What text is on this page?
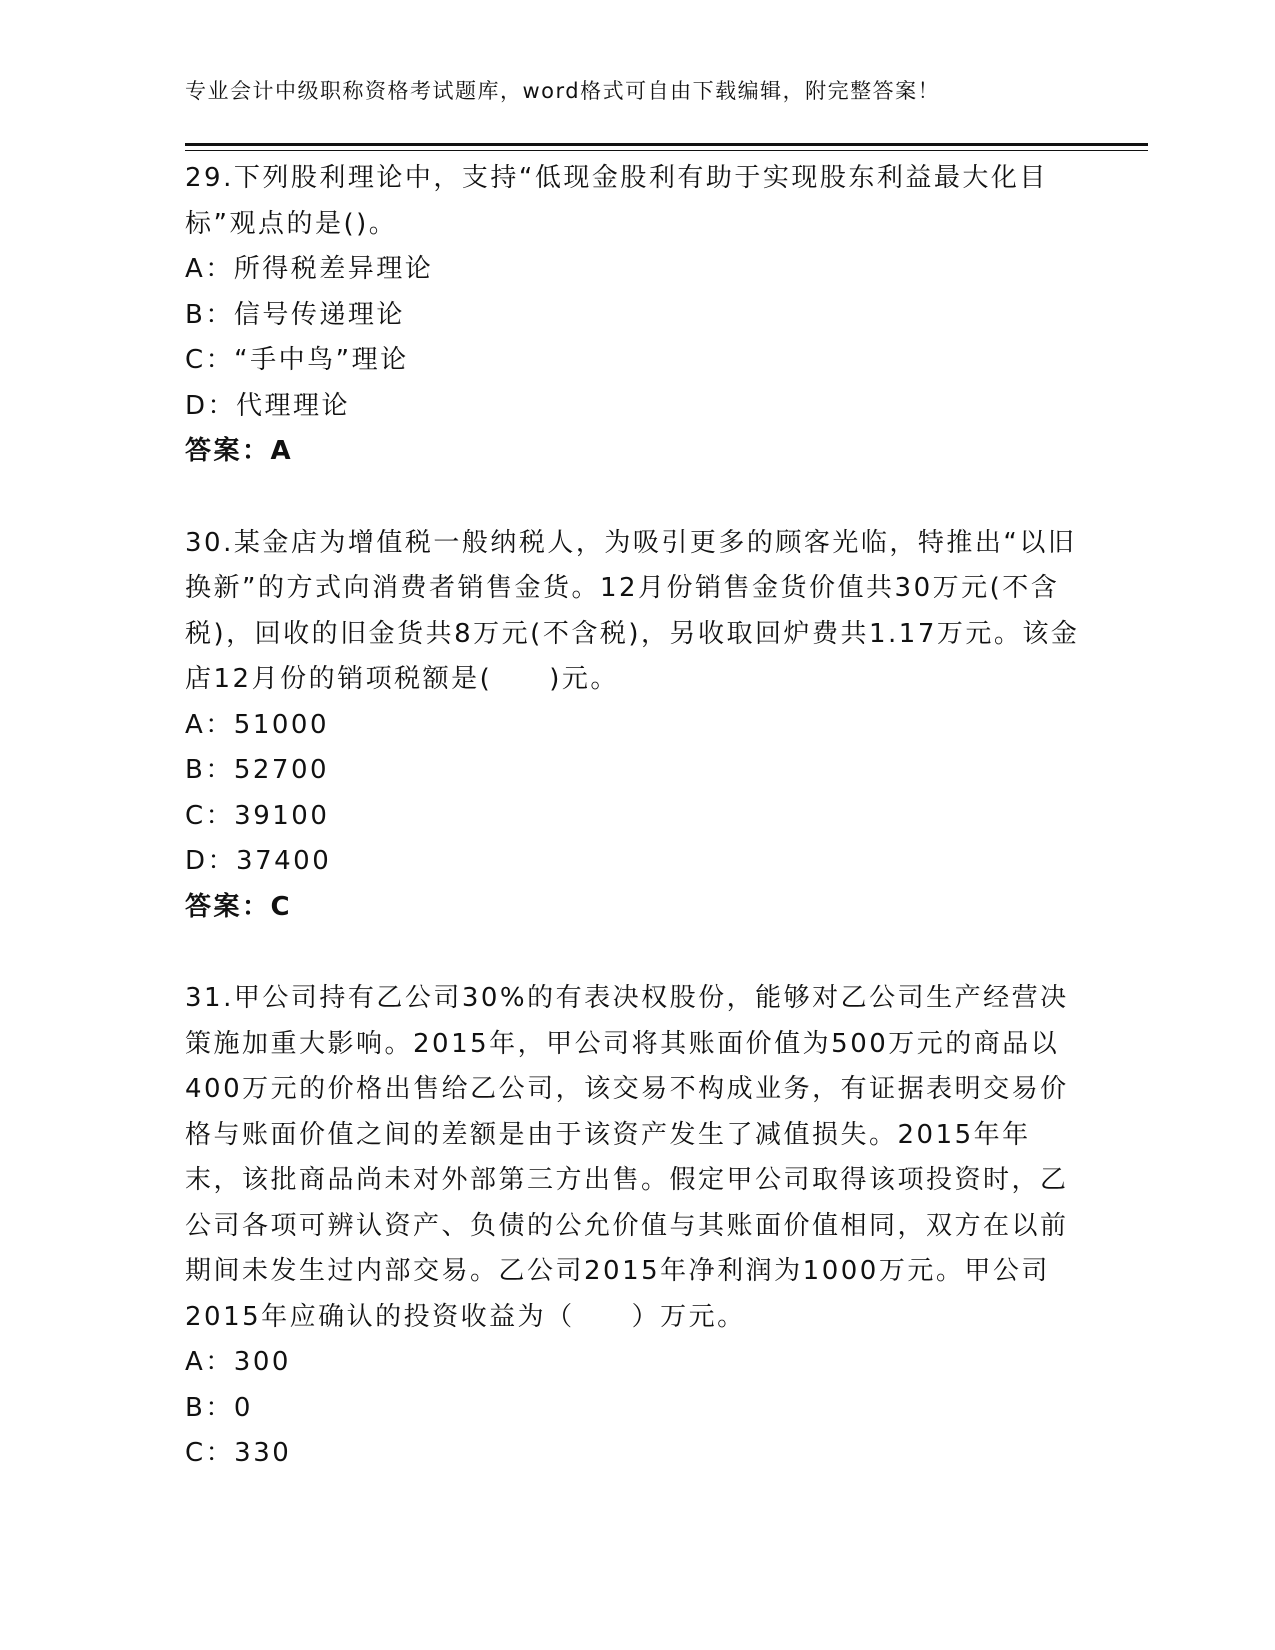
专业会计中级职称资格考试题库，word格式可自由下载编辑，附完整答案！

29.下列股利理论中，支持“低现金股利有助于实现股东利益最大化目标”观点的是()。

A：所得税差异理论

B：信号传递理论

C：“手中鸟”理论

D：代理理论

答案：A

30.某金店为增值税一般纳税人，为吸引更多的顾客光临，特推出“以旧换新”的方式向消费者销售金货。12月份销售金货价值共30万元(不含税)，回收的旧金货共8万元(不含税)，另收取回炉费共1.17万元。该金店12月份的销项税额是(　　)元。

A：51000

B：52700

C：39100

D：37400

答案：C

31.甲公司持有乙公司30%的有表决权股份，能够对乙公司生产经营决策施加重大影响。2015年，甲公司将其账面价值为500万元的商品以400万元的价格出售给乙公司，该交易不构成业务，有证据表明交易价格与账面价值之间的差额是由于该资产发生了减值损失。2015年年末，该批商品尚未对外部第三方出售。假定甲公司取得该项投资时，乙公司各项可辨认资产、负债的公允价值与其账面价值相同，双方在以前期间未发生过内部交易。乙公司2015年净利润为1000万元。甲公司2015年应确认的投资收益为（　　）万元。

A：300

B：0

C：330
